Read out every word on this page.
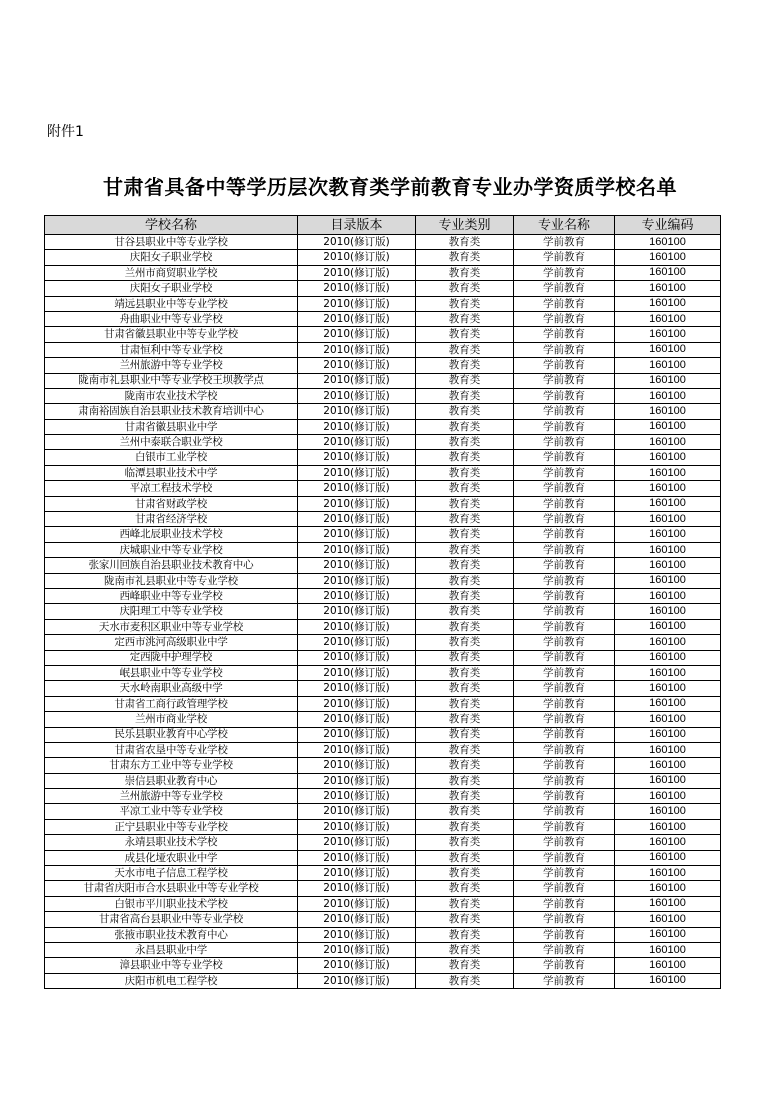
附件1
甘肃省具备中等学历层次教育类学前教育专业办学资质学校名单
学校名称	目录版本	专业类别	专业名称	专业编码
甘谷县职业中等专业学校	2010(修订版)	教育类	学前教育	160100
庆阳女子职业学校	2010(修订版)	教育类	学前教育	160100
兰州市商贸职业学校	2010(修订版)	教育类	学前教育	160100
庆阳女子职业学校	2010(修订版)	教育类	学前教育	160100
靖远县职业中等专业学校	2010(修订版)	教育类	学前教育	160100
舟曲职业中等专业学校	2010(修订版)	教育类	学前教育	160100
甘肃省徽县职业中等专业学校	2010(修订版)	教育类	学前教育	160100
甘肃恒利中等专业学校	2010(修订版)	教育类	学前教育	160100
兰州旅游中等专业学校	2010(修订版)	教育类	学前教育	160100
陇南市礼县职业中等专业学校王坝教学点	2010(修订版)	教育类	学前教育	160100
陇南市农业技术学校	2010(修订版)	教育类	学前教育	160100
肃南裕固族自治县职业技术教育培训中心	2010(修订版)	教育类	学前教育	160100
甘肃省徽县职业中学	2010(修订版)	教育类	学前教育	160100
兰州中泰联合职业学校	2010(修订版)	教育类	学前教育	160100
白银市工业学校	2010(修订版)	教育类	学前教育	160100
临潭县职业技术中学	2010(修订版)	教育类	学前教育	160100
平凉工程技术学校	2010(修订版)	教育类	学前教育	160100
甘肃省财政学校	2010(修订版)	教育类	学前教育	160100
甘肃省经济学校	2010(修订版)	教育类	学前教育	160100
西峰北辰职业技术学校	2010(修订版)	教育类	学前教育	160100
庆城职业中等专业学校	2010(修订版)	教育类	学前教育	160100
张家川回族自治县职业技术教育中心	2010(修订版)	教育类	学前教育	160100
陇南市礼县职业中等专业学校	2010(修订版)	教育类	学前教育	160100
西峰职业中等专业学校	2010(修订版)	教育类	学前教育	160100
庆阳理工中等专业学校	2010(修订版)	教育类	学前教育	160100
天水市麦积区职业中等专业学校	2010(修订版)	教育类	学前教育	160100
定西市洮河高级职业中学	2010(修订版)	教育类	学前教育	160100
定西陇中护理学校	2010(修订版)	教育类	学前教育	160100
岷县职业中等专业学校	2010(修订版)	教育类	学前教育	160100
天水岭南职业高级中学	2010(修订版)	教育类	学前教育	160100
甘肃省工商行政管理学校	2010(修订版)	教育类	学前教育	160100
兰州市商业学校	2010(修订版)	教育类	学前教育	160100
民乐县职业教育中心学校	2010(修订版)	教育类	学前教育	160100
甘肃省农垦中等专业学校	2010(修订版)	教育类	学前教育	160100
甘肃东方工业中等专业学校	2010(修订版)	教育类	学前教育	160100
崇信县职业教育中心	2010(修订版)	教育类	学前教育	160100
兰州旅游中等专业学校	2010(修订版)	教育类	学前教育	160100
平凉工业中等专业学校	2010(修订版)	教育类	学前教育	160100
正宁县职业中等专业学校	2010(修订版)	教育类	学前教育	160100
永靖县职业技术学校	2010(修订版)	教育类	学前教育	160100
成县化垭农职业中学	2010(修订版)	教育类	学前教育	160100
天水市电子信息工程学校	2010(修订版)	教育类	学前教育	160100
甘肃省庆阳市合水县职业中等专业学校	2010(修订版)	教育类	学前教育	160100
白银市平川职业技术学校	2010(修订版)	教育类	学前教育	160100
甘肃省高台县职业中等专业学校	2010(修订版)	教育类	学前教育	160100
张掖市职业技术教育中心	2010(修订版)	教育类	学前教育	160100
永昌县职业中学	2010(修订版)	教育类	学前教育	160100
漳县职业中等专业学校	2010(修订版)	教育类	学前教育	160100
庆阳市机电工程学校	2010(修订版)	教育类	学前教育	160100
